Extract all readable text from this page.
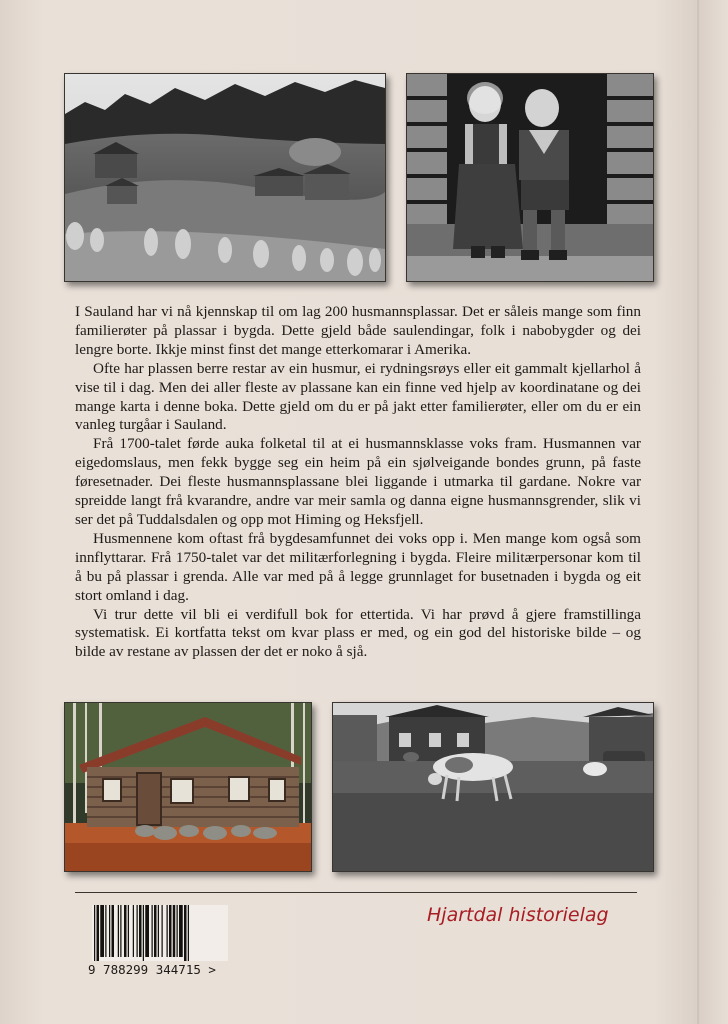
I Sauland har vi nå kjennskap til om lag 200 husmannsplassar. Det er såleis mange som finn familierøter på plassar i bygda. Dette gjeld både saulendingar, folk i nabobygder og dei lengre borte. Ikkje minst finst det mange etterkomarar i Amerika.

Ofte har plassen berre restar av ein husmur, ei rydningsrøys eller eit gammalt kjellarhol å vise til i dag. Men dei aller fleste av plassane kan ein finne ved hjelp av koordinatane og dei mange karta i denne boka. Dette gjeld om du er på jakt etter familierøter, eller om du er ein vanleg turgåar i Sauland.

Frå 1700-talet førde auka folketal til at ei husmannsklasse voks fram. Husmannen var eigedomslaus, men fekk bygge seg ein heim på ein sjølveigande bondes grunn, på faste føresetnader. Dei fleste husmannsplassane blei liggande i utmarka til gardane. Nokre var spreidde langt frå kvarandre, andre var meir samla og danna eigne husmannsgrender, slik vi ser det på Tuddalsdalen og opp mot Himing og Heksfjell.

Husmennene kom oftast frå bygdesamfunnet dei voks opp i. Men mange kom også som innflyttarar. Frå 1750-talet var det militærforlegning i bygda. Fleire militærpersonar kom til å bu på plassar i grenda. Alle var med på å legge grunnlaget for busetnaden i bygda og eit stort omland i dag.

Vi trur dette vil bli ei verdifull bok for ettertida. Vi har prøvd å gjere framstillinga systematisk. Ei kortfatta tekst om kvar plass er med, og ein god del historiske bilde – og bilde av restane av plassen der det er noko å sjå.

Hjartdal historielag
9 788299 344715 >
